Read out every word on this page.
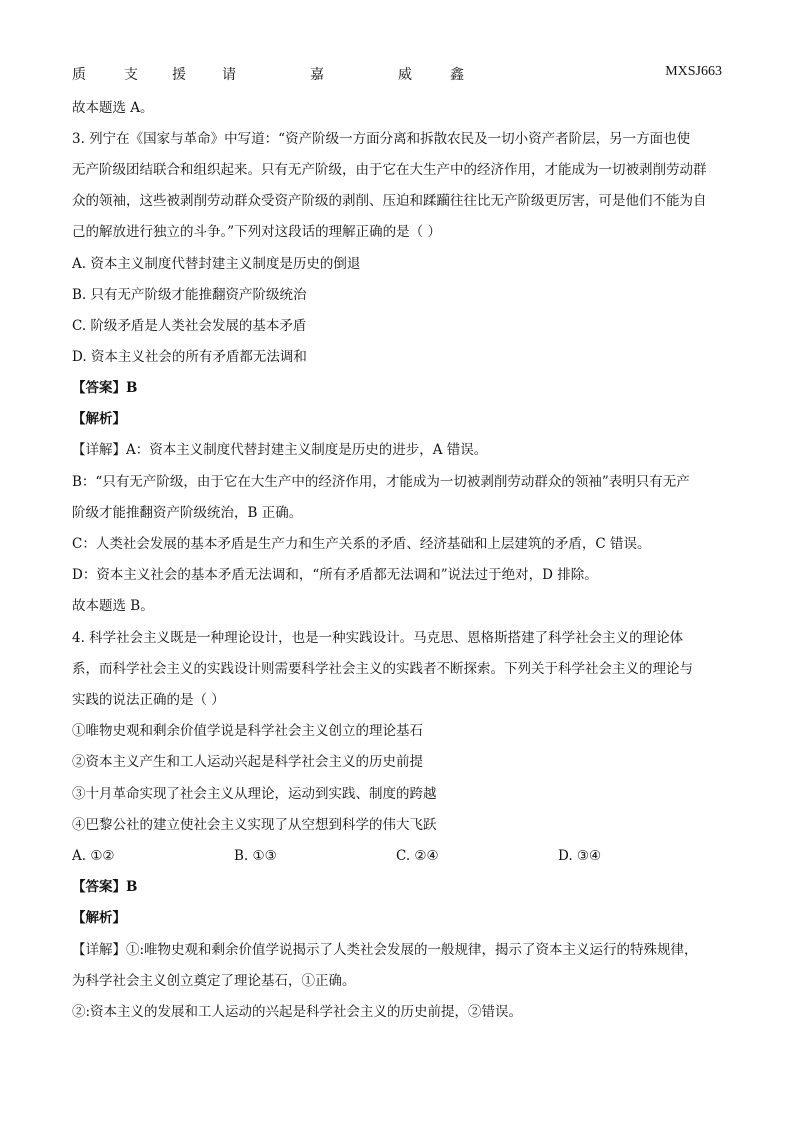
质	支 援	请	嘉	威	鑫	MXSJ663
故本题选 A。
3. 列宁在《国家与革命》中写道：“资产阶级一方面分离和拆散农民及一切小资产者阶层，另一方面也使
无产阶级团结联合和组织起来。只有无产阶级，由于它在大生产中的经济作用，才能成为一切被剥削劳动群
众的领袖，这些被剥削劳动群众受资产阶级的剥削、压迫和蹂躏往往比无产阶级更厉害，可是他们不能为自
己的解放进行独立的斗争。”下列对这段话的理解正确的是（ ）
A. 资本主义制度代替封建主义制度是历史的倒退
B. 只有无产阶级才能推翻资产阶级统治
C. 阶级矛盾是人类社会发展的基本矛盾
D. 资本主义社会的所有矛盾都无法调和
【答案】B
【解析】
【详解】A：资本主义制度代替封建主义制度是历史的进步，A 错误。
B：“只有无产阶级，由于它在大生产中的经济作用，才能成为一切被剥削劳动群众的领袖”表明只有无产
阶级才能推翻资产阶级统治，B 正确。
C：人类社会发展的基本矛盾是生产力和生产关系的矛盾、经济基础和上层建筑的矛盾，C 错误。
D：资本主义社会的基本矛盾无法调和，“所有矛盾都无法调和”说法过于绝对，D 排除。
故本题选 B。
4. 科学社会主义既是一种理论设计，也是一种实践设计。马克思、恩格斯搭建了科学社会主义的理论体
系，而科学社会主义的实践设计则需要科学社会主义的实践者不断探索。下列关于科学社会主义的理论与
实践的说法正确的是（ ）
①唯物史观和剩余价值学说是科学社会主义创立的理论基石
②资本主义产生和工人运动兴起是科学社会主义的历史前提
③十月革命实现了社会主义从理论，运动到实践、制度的跨越
④巴黎公社的建立使社会主义实现了从空想到科学的伟大飞跃
A. ①②	B. ①③	C. ②④	D. ③④
【答案】B
【解析】
【详解】①:唯物史观和剩余价值学说揭示了人类社会发展的一般规律，揭示了资本主义运行的特殊规律，
为科学社会主义创立奠定了理论基石，①正确。
②:资本主义的发展和工人运动的兴起是科学社会主义的历史前提，②错误。
